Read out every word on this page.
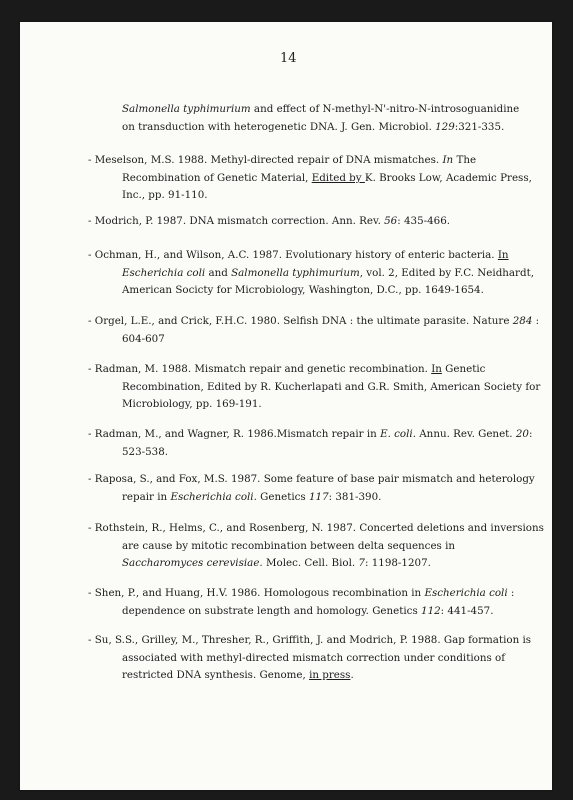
14
Salmonella typhimurium and effect of N-methyl-N'-nitro-N-introsoguanidine
on transduction with heterogenetic DNA. J. Gen. Microbiol. 129:321-335.
- Meselson, M.S. 1988. Methyl-directed repair of DNA mismatches. In The
Recombination of Genetic Material, Edited by K. Brooks Low, Academic Press,
Inc., pp. 91-110.
- Modrich, P. 1987. DNA mismatch correction. Ann. Rev. 56: 435-466.
- Ochman, H., and Wilson, A.C. 1987. Evolutionary history of enteric bacteria. In
Escherichia coli and Salmonella typhimurium, vol. 2, Edited by F.C. Neidhardt,
American Socicty for Microbiology, Washington, D.C., pp. 1649-1654.
- Orgel, L.E., and Crick, F.H.C. 1980. Selfish DNA : the ultimate parasite. Nature 284 :
604-607
- Radman, M. 1988. Mismatch repair and genetic recombination. In Genetic
Recombination, Edited by R. Kucherlapati and G.R. Smith, American Society for
Microbiology, pp. 169-191.
- Radman, M., and Wagner, R. 1986.Mismatch repair in E. coli. Annu. Rev. Genet. 20:
523-538.
- Raposa, S., and Fox, M.S. 1987. Some feature of base pair mismatch and heterology
repair in Escherichia coli. Genetics 117: 381-390.
- Rothstein, R., Helms, C., and Rosenberg, N. 1987. Concerted deletions and inversions
are cause by mitotic recombination between delta sequences in
Saccharomyces cerevisiae. Molec. Cell. Biol. 7: 1198-1207.
- Shen, P., and Huang, H.V. 1986. Homologous recombination in Escherichia coli :
dependence on substrate length and homology. Genetics 112: 441-457.
- Su, S.S., Grilley, M., Thresher, R., Griffith, J. and Modrich, P. 1988. Gap formation is
associated with methyl-directed mismatch correction under conditions of
restricted DNA synthesis. Genome, in press.
